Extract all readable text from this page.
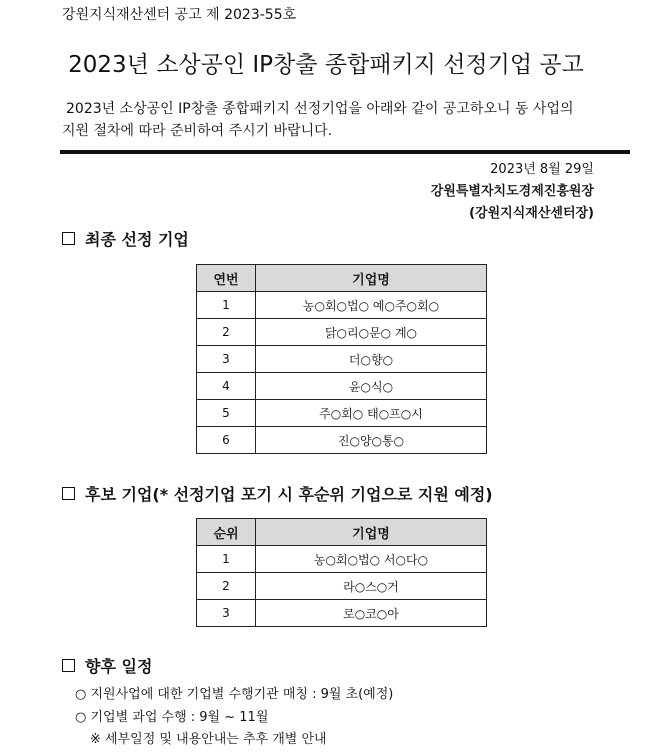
강원지식재산센터 공고 제 2023-55호
2023년 소상공인 IP창출 종합패키지 선정기업 공고
2023년 소상공인 IP창출 종합패키지 선정기업을 아래와 같이 공고하오니 동 사업의
지원 절차에 따라 준비하여 주시기 바랍니다.
2023년 8월 29일
강원특별자치도경제진흥원장
(강원지식재산센터장)
최종 선정 기업
연번	기업명
1	농○회○법○ 예○주○회○
2	닭○리○문○ 계○
3	더○향○
4	윤○식○
5	주○회○ 태○프○시
6	진○양○통○
후보 기업(* 선정기업 포기 시 후순위 기업으로 지원 예정)
순위	기업명
1	농○회○법○ 서○다○
2	라○스○거
3	로○코○아
향후 일정
○ 지원사업에 대한 기업별 수행기관 매칭 : 9월 초(예정)
○ 기업별 과업 수행 : 9월 ~ 11월
※ 세부일정 및 내용안내는 추후 개별 안내
